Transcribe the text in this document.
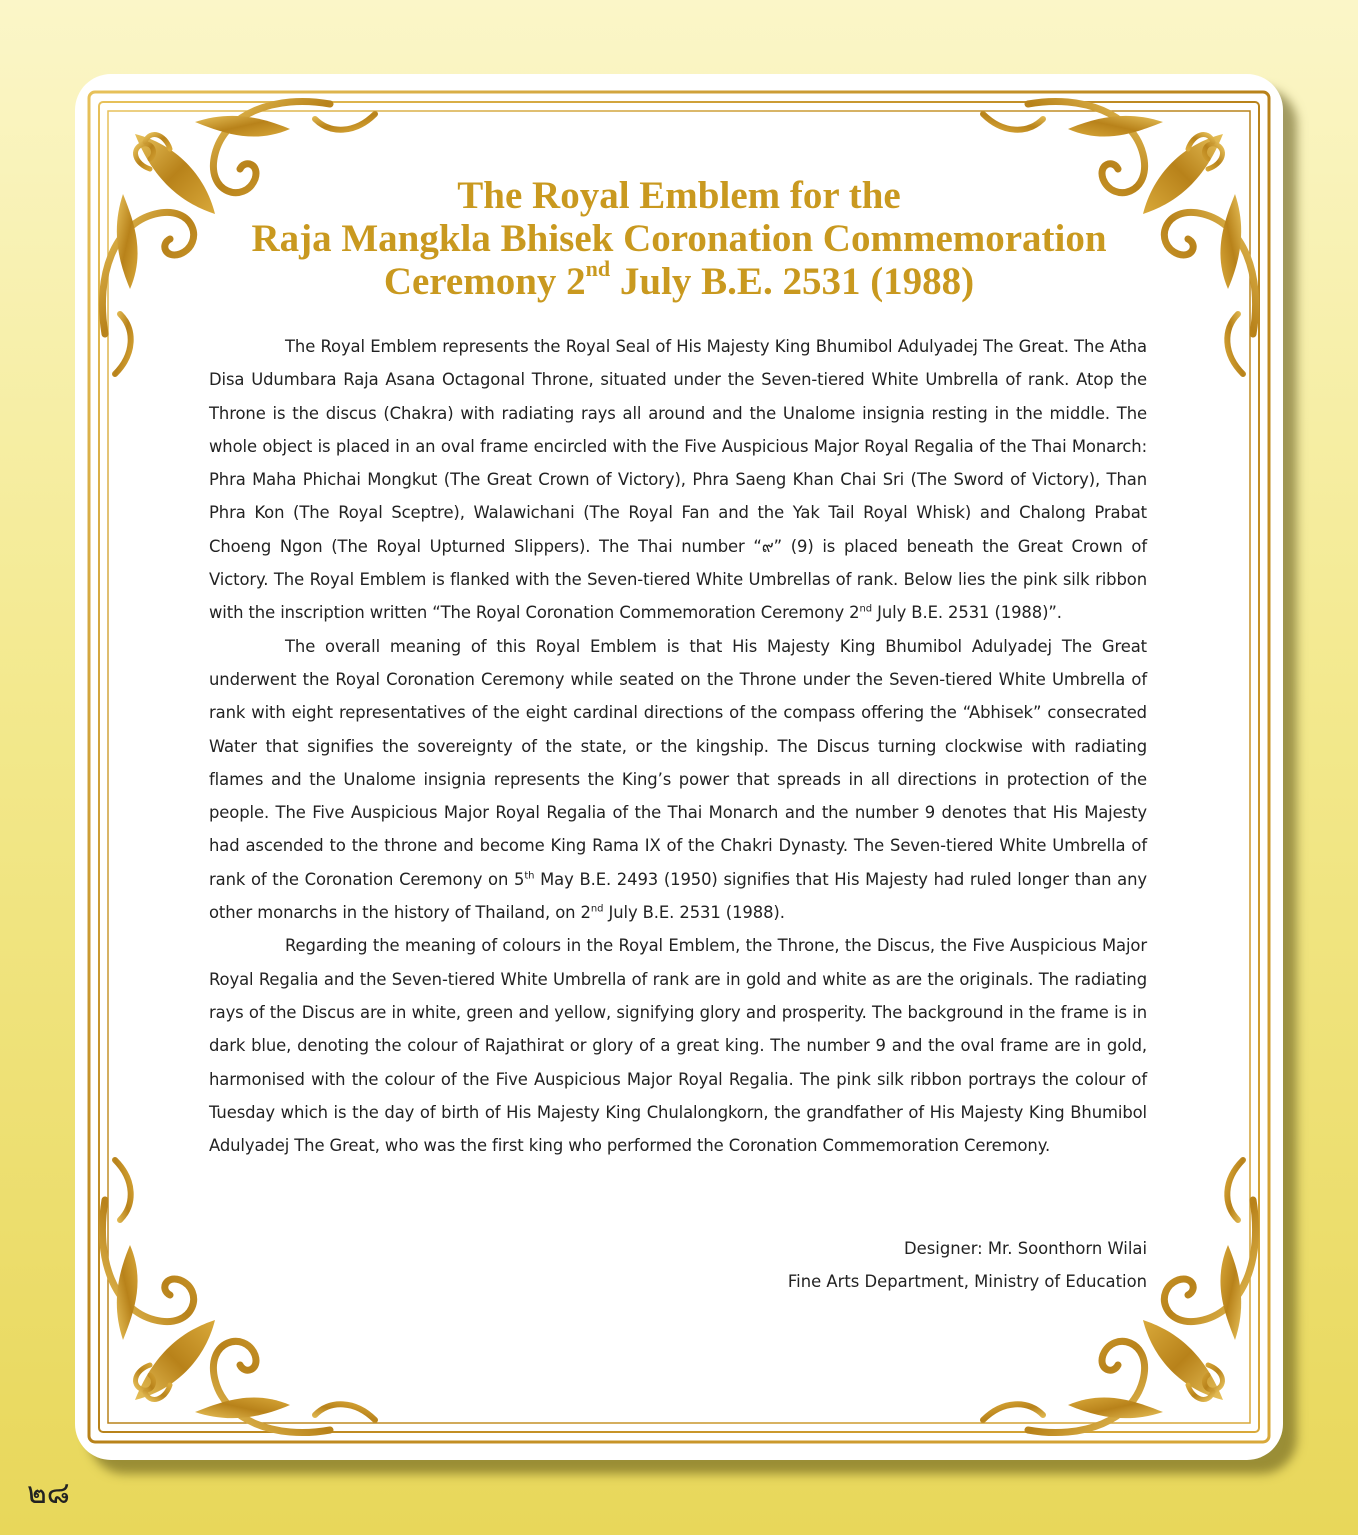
The Royal Emblem for the
Raja Mangkla Bhisek Coronation Commemoration
Ceremony 2nd July B.E. 2531 (1988)

The Royal Emblem represents the Royal Seal of His Majesty King Bhumibol Adulyadej The Great. The Atha Disa Udumbara Raja Asana Octagonal Throne, situated under the Seven-tiered White Umbrella of rank. Atop the Throne is the discus (Chakra) with radiating rays all around and the Unalome insignia resting in the middle. The whole object is placed in an oval frame encircled with the Five Auspicious Major Royal Regalia of the Thai Monarch: Phra Maha Phichai Mongkut (The Great Crown of Victory), Phra Saeng Khan Chai Sri (The Sword of Victory), Than Phra Kon (The Royal Sceptre), Walawichani (The Royal Fan and the Yak Tail Royal Whisk) and Chalong Prabat Choeng Ngon (The Royal Upturned Slippers). The Thai number “๙” (9) is placed beneath the Great Crown of Victory. The Royal Emblem is flanked with the Seven-tiered White Umbrellas of rank. Below lies the pink silk ribbon with the inscription written “The Royal Coronation Commemoration Ceremony 2nd July B.E. 2531 (1988)”.

The overall meaning of this Royal Emblem is that His Majesty King Bhumibol Adulyadej The Great underwent the Royal Coronation Ceremony while seated on the Throne under the Seven-tiered White Umbrella of rank with eight representatives of the eight cardinal directions of the compass offering the “Abhisek” consecrated Water that signifies the sovereignty of the state, or the kingship. The Discus turning clockwise with radiating flames and the Unalome insignia represents the King’s power that spreads in all directions in protection of the people. The Five Auspicious Major Royal Regalia of the Thai Monarch and the number 9 denotes that His Majesty had ascended to the throne and become King Rama IX of the Chakri Dynasty. The Seven-tiered White Umbrella of rank of the Coronation Ceremony on 5th May B.E. 2493 (1950) signifies that His Majesty had ruled longer than any other monarchs in the history of Thailand, on 2nd July B.E. 2531 (1988).

Regarding the meaning of colours in the Royal Emblem, the Throne, the Discus, the Five Auspicious Major Royal Regalia and the Seven-tiered White Umbrella of rank are in gold and white as are the originals. The radiating rays of the Discus are in white, green and yellow, signifying glory and prosperity. The background in the frame is in dark blue, denoting the colour of Rajathirat or glory of a great king. The number 9 and the oval frame are in gold, harmonised with the colour of the Five Auspicious Major Royal Regalia. The pink silk ribbon portrays the colour of Tuesday which is the day of birth of His Majesty King Chulalongkorn, the grandfather of His Majesty King Bhumibol Adulyadej The Great, who was the first king who performed the Coronation Commemoration Ceremony.

Designer: Mr. Soonthorn Wilai
Fine Arts Department, Ministry of Education
๒๘
